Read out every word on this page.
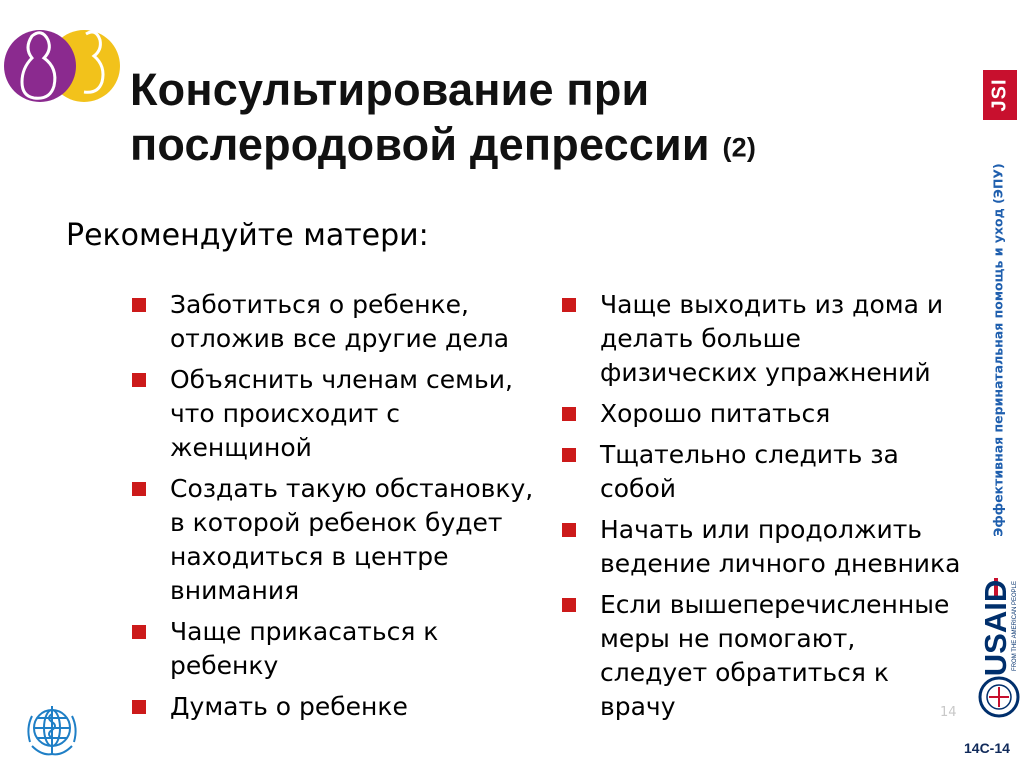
Консультирование при
послеродовой депрессии (2)

Рекомендуйте матери:

Заботиться о ребенке, отложив все другие дела
Объяснить членам семьи, что происходит с женщиной
Создать такую обстановку, в которой ребенок будет находиться в центре внимания
Чаще прикасаться к ребенку
Думать о ребенке
Чаще выходить из дома и делать больше физических упражнений
Хорошо питаться
Тщательно следить за собой
Начать или продолжить ведение личного дневника
Если вышеперечисленные меры не помогают, следует обратиться к врачу
JSI
Эффективная перинатальная помощь и уход (ЭПУ)
USAID FROM THE AMERICAN PEOPLE
14
14C-14
